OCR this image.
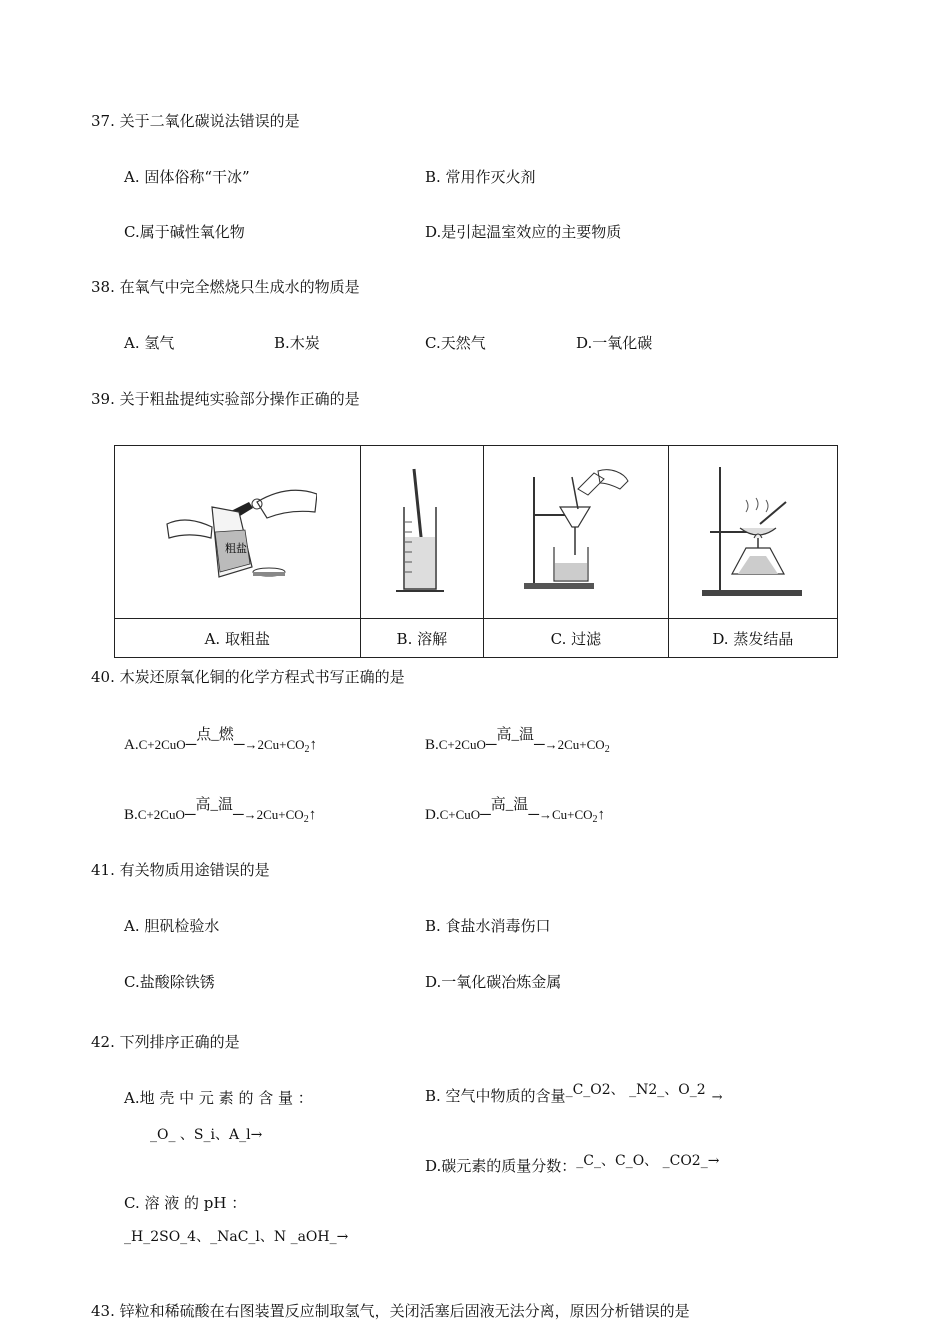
37. 关于二氧化碳说法错误的是
A. 固体俗称“干冰”	B. 常用作灭火剂
C.属于碱性氧化物	D.是引起温室效应的主要物质
38. 在氧气中完全燃烧只生成水的物质是
A. 氢气	B.木炭	C.天然气	D.一氧化碳
39. 关于粗盐提纯实验部分操作正确的是
粗盐

A. 取粗盐	B. 溶解	C. 过滤	D. 蒸发结晶
40. 木炭还原氧化铜的化学方程式书写正确的是
A.C+2CuO─点_燃$─\to 2Cu+CO_2↑$	B.C+2CuO─高_温$─\to 2Cu+CO_2$
B.C+2CuO─高_温$─\to 2Cu+CO_2↑$	D.C+CuO─高_温$─\to Cu+CO_2↑$
41. 有关物质用途错误的是
A. 胆矾检验水	B. 食盐水消毒伤口
C.盐酸除铁锈	D.一氧化碳冶炼金属
42. 下列排序正确的是
A.地 壳 中 元 素 的 含 量 ：
_O_ 、S_i、A_l→
B. 空气中物质的含量_C_O2、 _N2_、O_2 →
D.碳元素的质量分数：_C_、C_O、 _CO2_→
C. 溶 液 的 pH ：
_H_2SO_4、_NaC_l、N _aOH_→
43. 锌粒和稀硫酸在右图装置反应制取氢气，关闭活塞后固液无法分离，原因分析错误的是
